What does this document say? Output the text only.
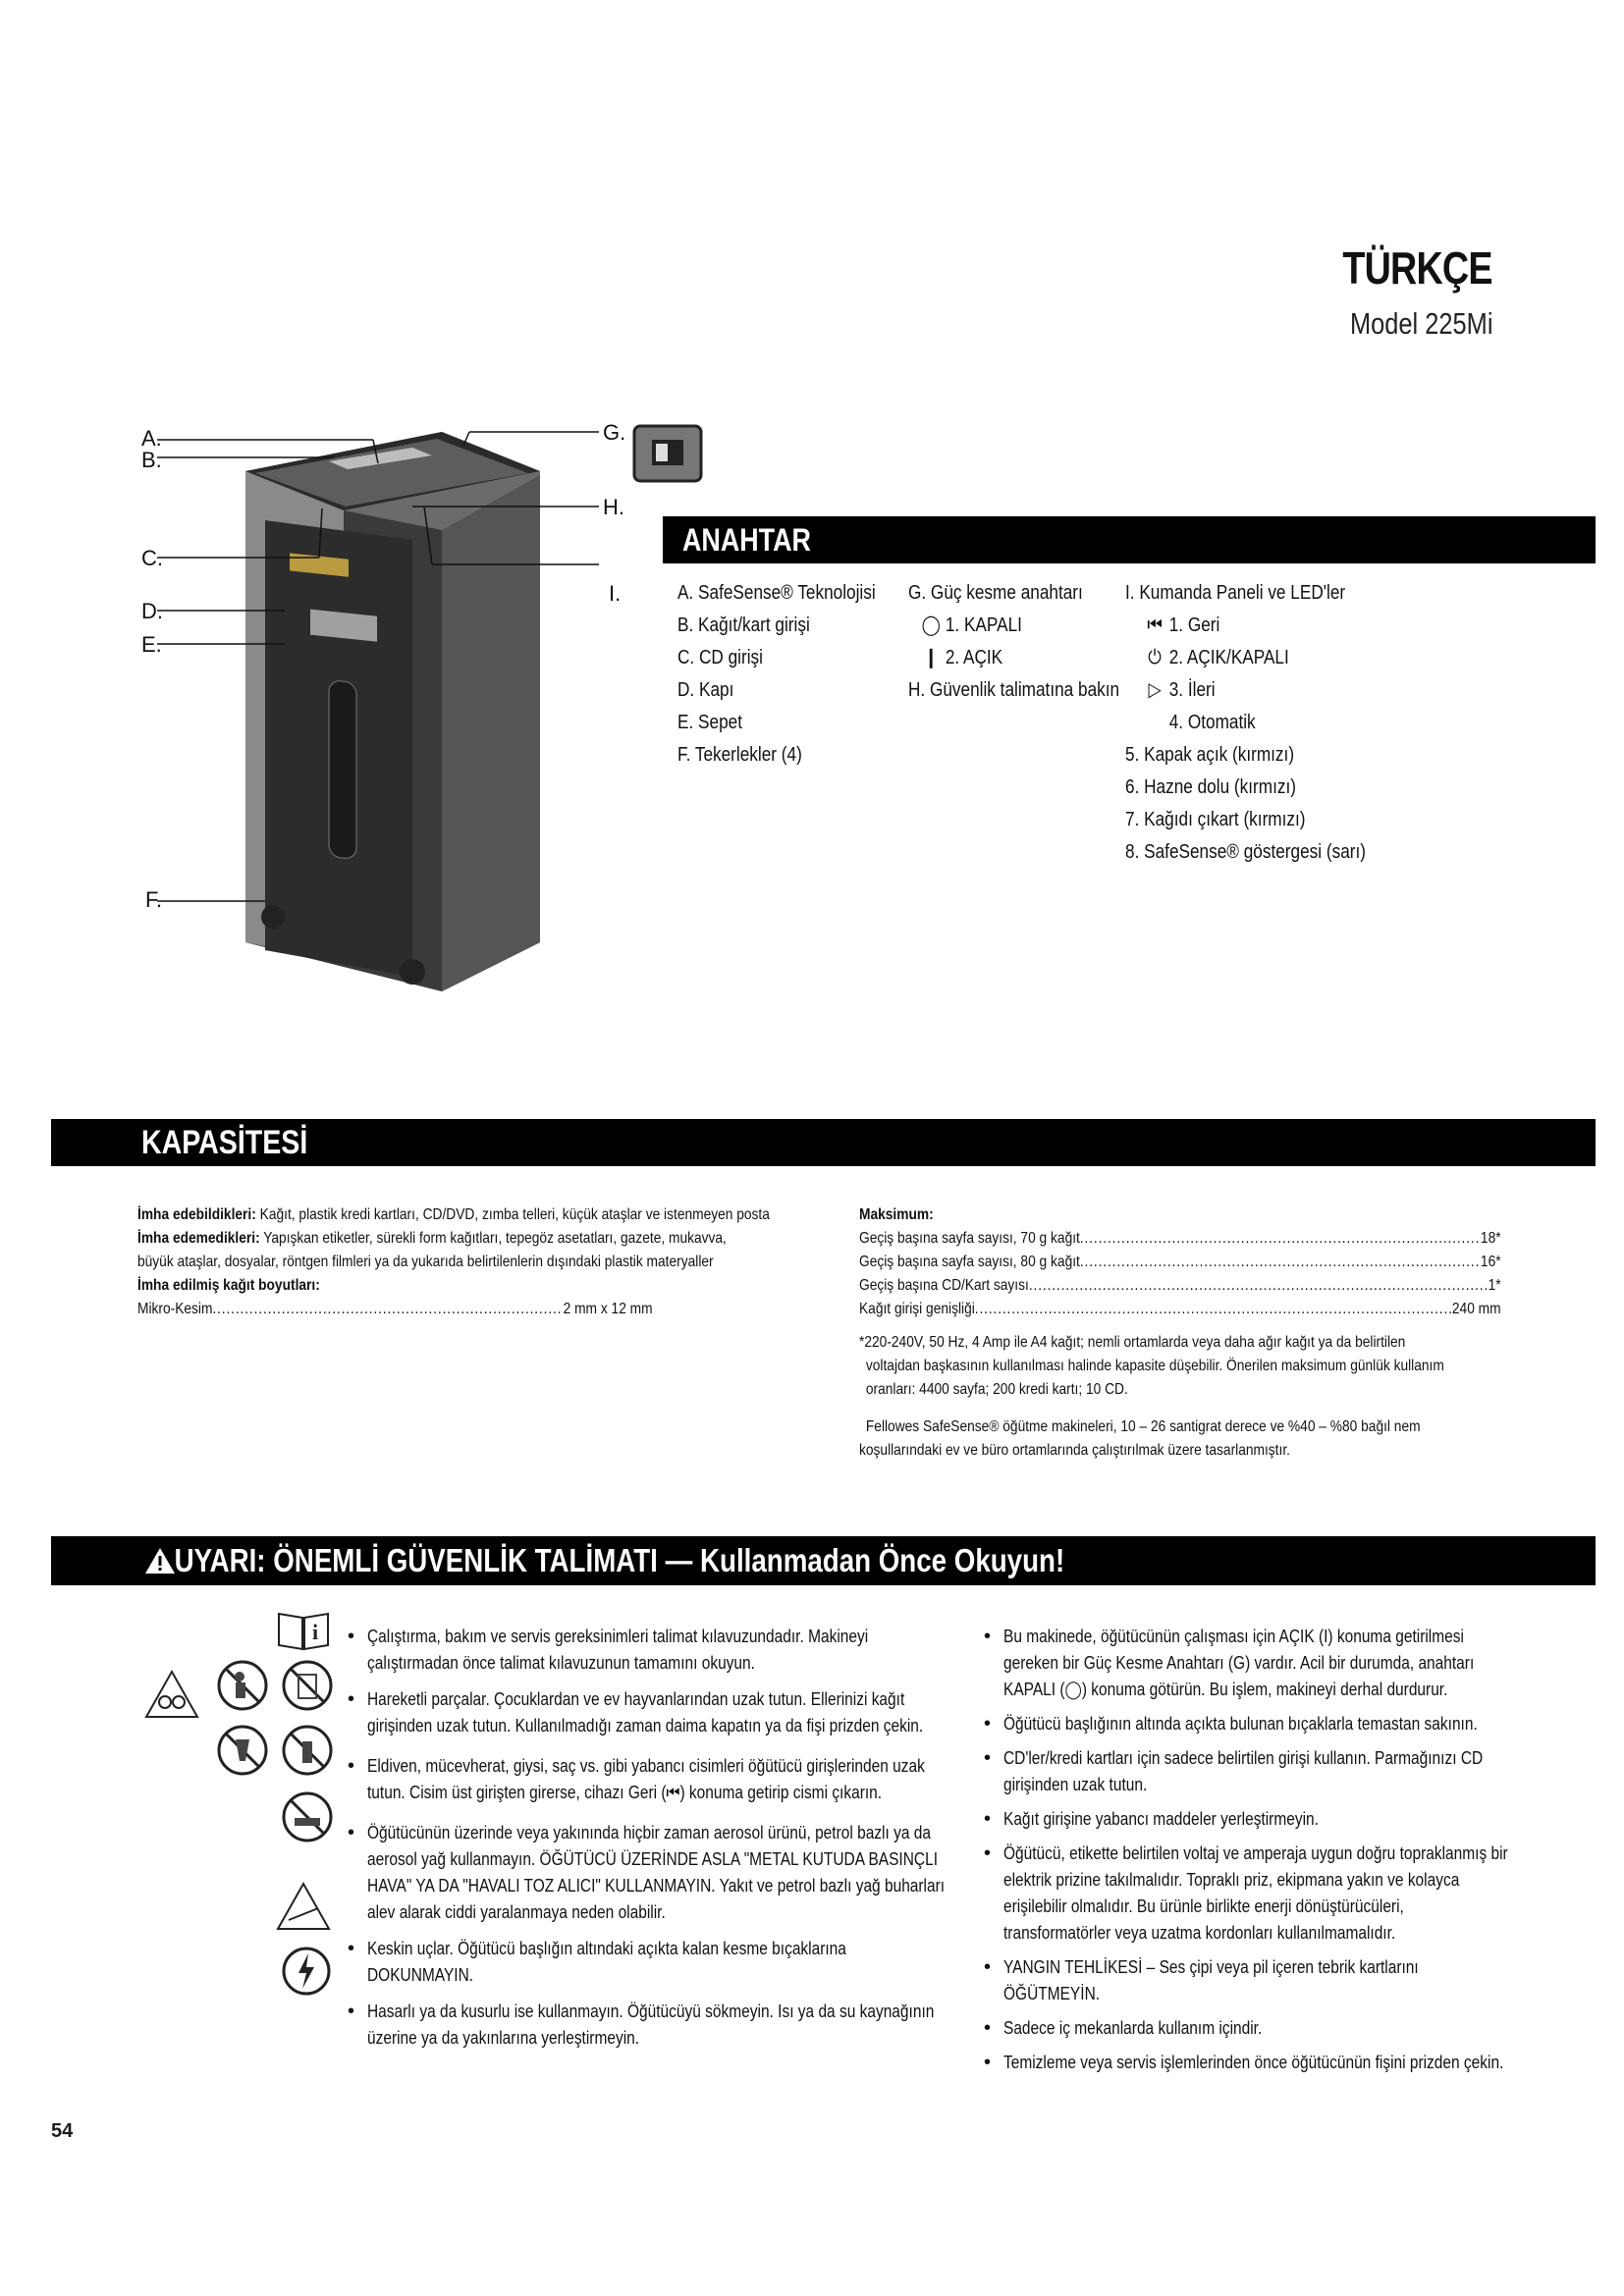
TÜRKÇE
Model 225Mi
A.
B.
C.
D.
E.
F.
G.
H.
I.
ANAHTAR
A. SafeSense® Teknolojisi
B. Kağıt/kart girişi
C. CD girişi
D. Kapı
E. Sepet
F. Tekerlekler (4)
G. Güç kesme anahtarı
◯ 1. KAPALI
❙ 2. AÇIK
H. Güvenlik talimatına bakın
I. Kumanda Paneli ve LED'ler
⏮ 1. Geri
⏻ 2. AÇIK/KAPALI
▷ 3. İleri
4. Otomatik
5. Kapak açık (kırmızı)
6. Hazne dolu (kırmızı)
7. Kağıdı çıkart (kırmızı)
8. SafeSense® göstergesi (sarı)
KAPASİTESİ
İmha edebildikleri: Kağıt, plastik kredi kartları, CD/DVD, zımba telleri, küçük ataşlar ve istenmeyen posta
İmha edemedikleri: Yapışkan etiketler, sürekli form kağıtları, tepegöz asetatları, gazete, mukavva,
büyük ataşlar, dosyalar, röntgen filmleri ya da yukarıda belirtilenlerin dışındaki plastik materyaller
İmha edilmiş kağıt boyutları:
Mikro-Kesim .....	2 mm x 12 mm
Maksimum:
Geçiş başına sayfa sayısı, 70 g kağıt .....	18*
Geçiş başına sayfa sayısı, 80 g kağıt .....	16*
Geçiş başına CD/Kart sayısı .....	1*
Kağıt girişi genişliği .....	240 mm
*220-240V, 50 Hz, 4 Amp ile A4 kağıt; nemli ortamlarda veya daha ağır kağıt ya da belirtilen
voltajdan başkasının kullanılması halinde kapasite düşebilir. Önerilen maksimum günlük kullanım
oranları: 4400 sayfa; 200 kredi kartı; 10 CD.
Fellowes SafeSense® öğütme makineleri, 10 – 26 santigrat derece ve %40 – %80 bağıl nem
koşullarındaki ev ve büro ortamlarında çalıştırılmak üzere tasarlanmıştır.
UYARI: ÖNEMLİ GÜVENLİK TALİMATI — Kullanmadan Önce Okuyun!
i	• Çalıştırma, bakım ve servis gereksinimleri talimat kılavuzundadır. Makineyi çalıştırmadan önce talimat kılavuzunun tamamını okuyun.
• Hareketli parçalar. Çocuklardan ve ev hayvanlarından uzak tutun. Ellerinizi kağıt girişinden uzak tutun. Kullanılmadığı zaman daima kapatın ya da fişi prizden çekin.
• Eldiven, mücevherat, giysi, saç vs. gibi yabancı cisimleri öğütücü girişlerinden uzak tutun. Cisim üst girişten girerse, cihazı Geri (⏮) konuma getirip cismi çıkarın.
• Öğütücünün üzerinde veya yakınında hiçbir zaman aerosol ürünü, petrol bazlı ya da aerosol yağ kullanmayın. ÖĞÜTÜCÜ ÜZERİNDE ASLA "METAL KUTUDA BASINÇLI HAVA" YA DA "HAVALI TOZ ALICI" KULLANMAYIN. Yakıt ve petrol bazlı yağ buharları alev alarak ciddi yaralanmaya neden olabilir.
• Keskin uçlar. Öğütücü başlığın altındaki açıkta kalan kesme bıçaklarına DOKUNMAYIN.
• Hasarlı ya da kusurlu ise kullanmayın. Öğütücüyü sökmeyin. Isı ya da su kaynağının üzerine ya da yakınlarına yerleştirmeyin.
• Bu makinede, öğütücünün çalışması için AÇIK (I) konuma getirilmesi gereken bir Güç Kesme Anahtarı (G) vardır. Acil bir durumda, anahtarı KAPALI (◯) konuma götürün. Bu işlem, makineyi derhal durdurur.
• Öğütücü başlığının altında açıkta bulunan bıçaklarla temastan sakının.
• CD'ler/kredi kartları için sadece belirtilen girişi kullanın. Parmağınızı CD girişinden uzak tutun.
• Kağıt girişine yabancı maddeler yerleştirmeyin.
• Öğütücü, etikette belirtilen voltaj ve amperaja uygun doğru topraklanmış bir elektrik prizine takılmalıdır. Topraklı priz, ekipmana yakın ve kolayca erişilebilir olmalıdır. Bu ürünle birlikte enerji dönüştürücüleri, transformatörler veya uzatma kordonları kullanılmamalıdır.
• YANGIN TEHLİKESİ – Ses çipi veya pil içeren tebrik kartlarını ÖĞÜTMEYİN.
• Sadece iç mekanlarda kullanım içindir.
• Temizleme veya servis işlemlerinden önce öğütücünün fişini prizden çekin.
54
